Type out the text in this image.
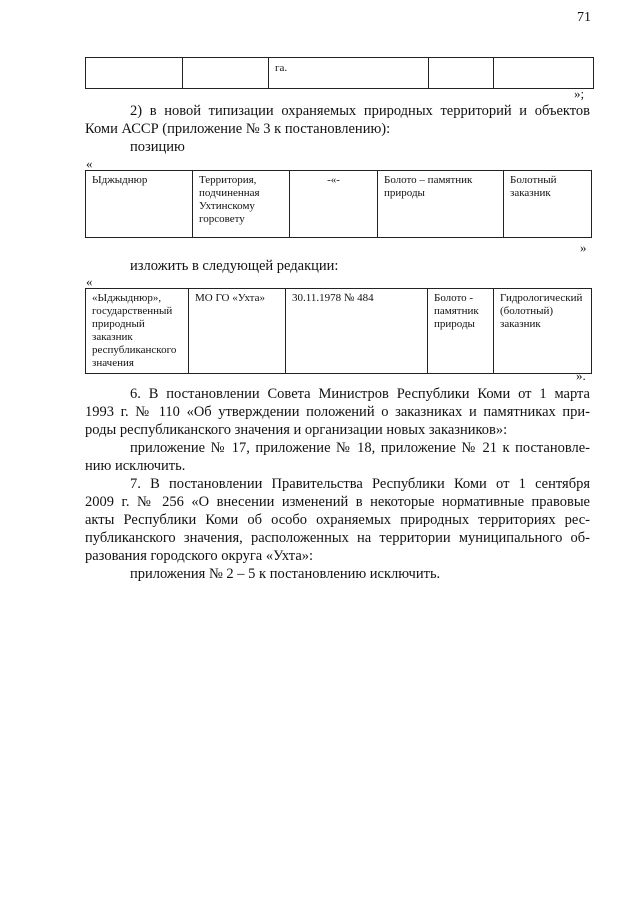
71
		га.		
»;
2) в новой типизации охраняемых природных территорий и объектов
Коми АССР (приложение № 3 к постановлению):
позицию
«
Ыджыднюр	Территория, подчиненная Ухтинскому горсовету	-«-	Болото – памятник природы	Болотный заказник
»
изложить в следующей редакции:
«
«Ыджыднюр», государственный природный заказник республиканского значения	МО ГО «Ухта»	30.11.1978 № 484	Болото - памятник природы	Гидрологический (болотный) заказник
».
6. В постановлении Совета Министров Республики Коми от 1 марта
1993 г. № 110 «Об утверждении положений о заказниках и памятниках при-
роды республиканского значения и организации новых заказников»:
приложение № 17, приложение № 18, приложение № 21 к постановле-
нию исключить.
7. В постановлении Правительства Республики Коми от 1 сентября
2009 г. № 256 «О внесении изменений в некоторые нормативные правовые
акты Республики Коми об особо охраняемых природных территориях рес-
публиканского значения, расположенных на территории муниципального об-
разования городского округа «Ухта»:
приложения № 2 – 5 к постановлению исключить.
